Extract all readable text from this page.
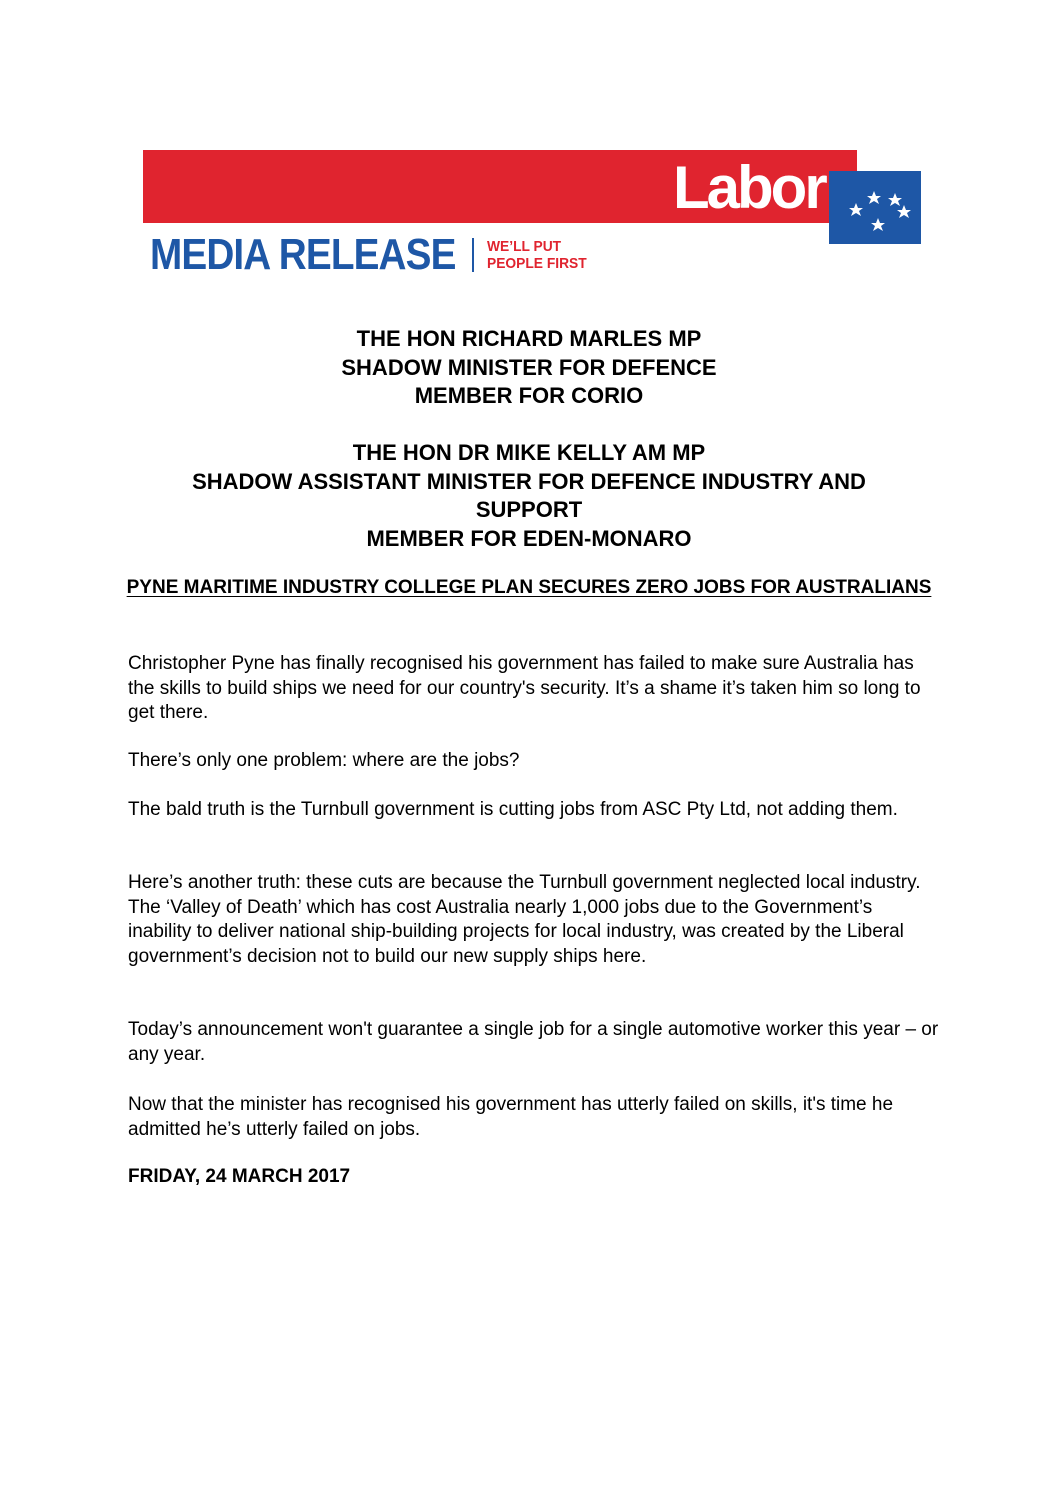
Labor
MEDIA RELEASE WE’LL PUT
PEOPLE FIRST
THE HON RICHARD MARLES MP
SHADOW MINISTER FOR DEFENCE
MEMBER FOR CORIO
THE HON DR MIKE KELLY AM MP
SHADOW ASSISTANT MINISTER FOR DEFENCE INDUSTRY AND
SUPPORT
MEMBER FOR EDEN-MONARO
PYNE MARITIME INDUSTRY COLLEGE PLAN SECURES ZERO JOBS FOR AUSTRALIANS

Christopher Pyne has finally recognised his government has failed to make sure Australia has the skills to build ships we need for our country's security. It’s a shame it’s taken him so long to get there.

There’s only one problem: where are the jobs?

The bald truth is the Turnbull government is cutting jobs from ASC Pty Ltd, not adding them.

Here’s another truth: these cuts are because the Turnbull government neglected local industry. The ‘Valley of Death’ which has cost Australia nearly 1,000 jobs due to the Government’s inability to deliver national ship-building projects for local industry, was created by the Liberal government’s decision not to build our new supply ships here.

Today’s announcement won't guarantee a single job for a single automotive worker this year – or any year.

Now that the minister has recognised his government has utterly failed on skills, it's time he admitted he’s utterly failed on jobs.

FRIDAY, 24 MARCH 2017
